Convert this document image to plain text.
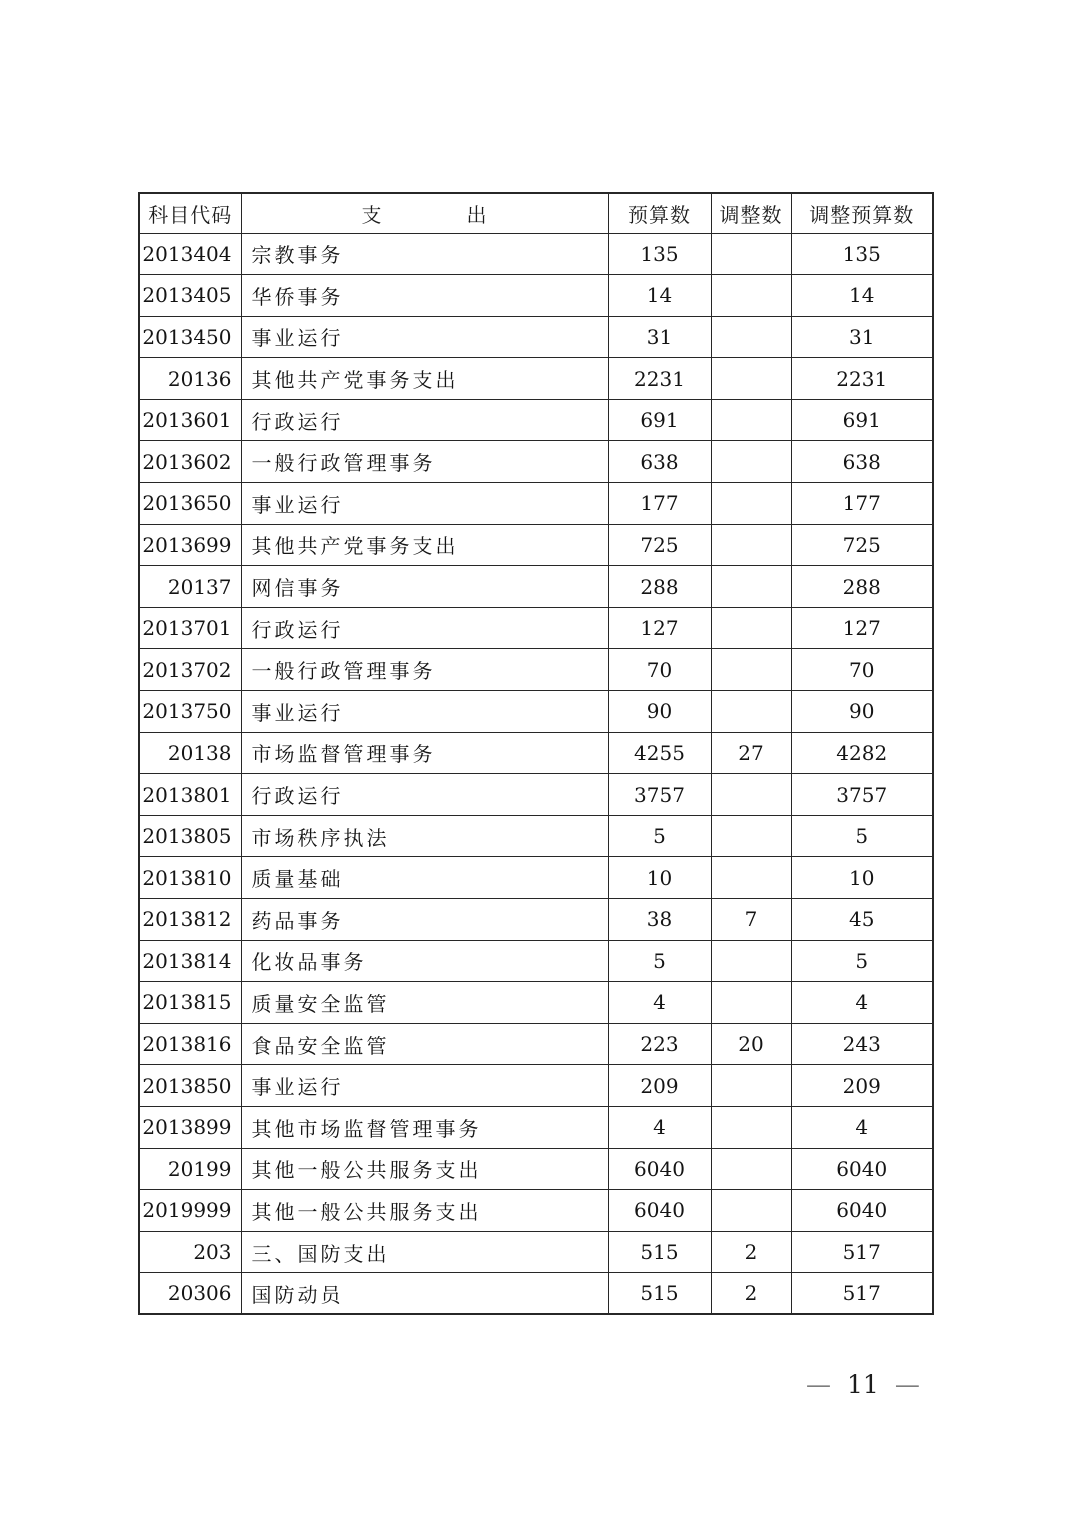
科目代码	支　　　　出	预算数	调整数	调整预算数
2013404	宗教事务	135		135
2013405	华侨事务	14		14
2013450	事业运行	31		31
20136	其他共产党事务支出	2231		2231
2013601	行政运行	691		691
2013602	一般行政管理事务	638		638
2013650	事业运行	177		177
2013699	其他共产党事务支出	725		725
20137	网信事务	288		288
2013701	行政运行	127		127
2013702	一般行政管理事务	70		70
2013750	事业运行	90		90
20138	市场监督管理事务	4255	27	4282
2013801	行政运行	3757		3757
2013805	市场秩序执法	5		5
2013810	质量基础	10		10
2013812	药品事务	38	7	45
2013814	化妆品事务	5		5
2013815	质量安全监管	4		4
2013816	食品安全监管	223	20	243
2013850	事业运行	209		209
2013899	其他市场监督管理事务	4		4
20199	其他一般公共服务支出	6040		6040
2019999	其他一般公共服务支出	6040		6040
203	三、国防支出	515	2	517
20306	国防动员	515	2	517
— 11 —
